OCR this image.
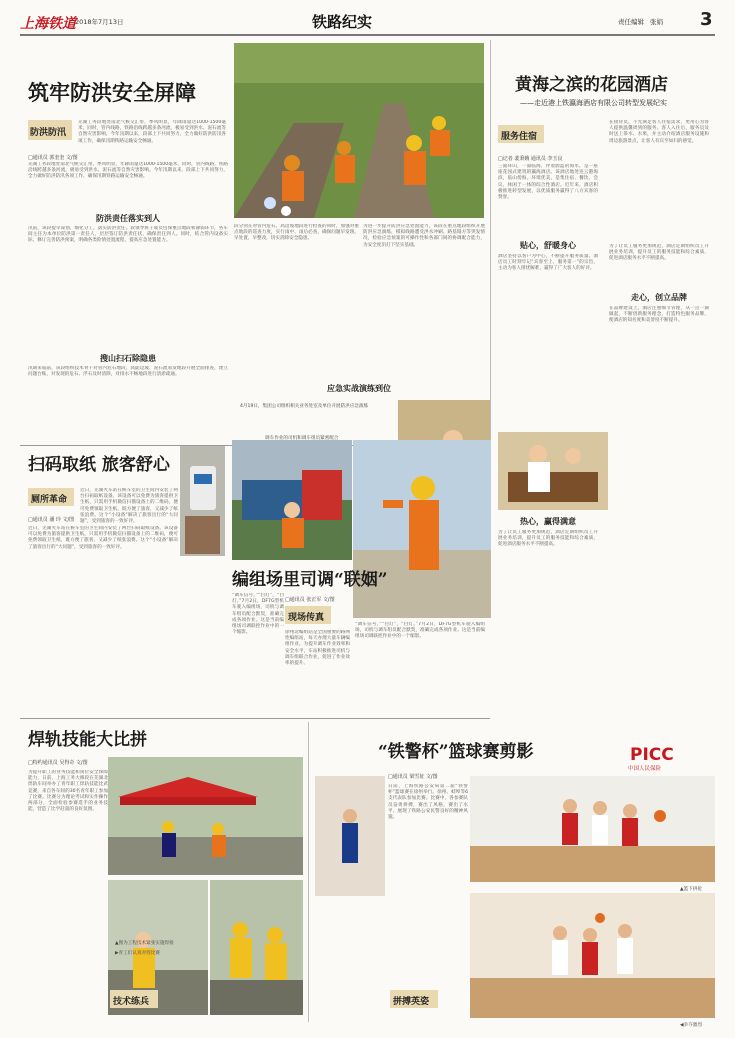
上海铁道 2018年7月13日	铁路纪实	责任编辑 张娟 3
筑牢防洪安全屏障
防洪防汛
□通讯员 郭奎奎 文/图
芜湖工务段地处南北气候交汇带，季风明显，年降雨量达1000-1500毫米，同时，管内线路，铁路沿线跨越多条河流，极易受到洪水、泥石流等自然灾害影响。今年汛期以来，段部上下共同努力，全力做好防洪防汛各项工作，确保汛期铁路运输安全畅通。
芜湖工务段地处南北气候交汇带，季风明显，年降雨量达1000-1500毫米，同时，管内线路，铁路沿线跨越多条河流，极易受到洪水、泥石流等自然灾害影响。今年汛期以来，段部上下共同努力，全力做好防洪防汛各项工作，确保汛期铁路运输安全畅通。
防洪责任落实到人
汛前，该段提早谋划，细化分工，落实防洪责任。段领导班子成员包保重点地段和薄弱环节，各车间主任为本单位防洪第一责任人，层层签订防洪责任状，确保责任到人。同时，结合管内设备实际，修订完善防洪预案，明确各类险情处置流程，提高应急处置能力。
搜山扫石除隐患
汛期来临前，该段组织技术骨干对管内危石地段、高陡边坡、泥石流易发地段开展全面排查，建立问题台账，对发现的危石、浮石及时清除，对排水不畅地段进行清淤疏通。
段分别在对管内危石、高边坡地段进行检查的同时，加强对重点地段的巡查力度，实行雨中、雨后必查，确保问题早发现、早处置、早整改，切实消除安全隐患。
为进一步提升防洪应急处置能力，该段在重点地段组织开展防洪应急演练，模拟线路遭受洪水冲刷、路基塌方等突发情况，检验应急预案的可操作性和各部门间的协调配合能力，为安全度汛打下坚实基础。
应急实战演练到位
4月19日，集团公司组织相关业务处室及单位开展防洪应急演练
黄海之滨的花园酒店
——走近港上铁瀛海酒店有限公司转型发展纪实
服务住宿
□记者 裴秉娥 通讯员 李玉良
三面环山，一面临海，伴着蔚蓝的海水，是一座座花园式建筑的瀛海酒店。该酒店地处连云港海滨，依山傍海，环境优美，是集住宿、餐饮、会议、休闲于一体的综合性酒店。近年来，酒店积极推进转型发展，以优质服务赢得了八方宾客的赞誉。
在接待员，不光满足客人住宿需求，更用心为客人提供温馨周到的服务。客人入住后，服务员及时送上茶水、水果，并主动介绍酒店服务设施和周边旅游景点，让客人有宾至如归的感觉。
贴心，舒暖身心
酒店坚持以客户为中心，不断提升服务质量。酒店员工时刻牢记“宾客至上、服务第一”的宗旨，主动为客人排忧解难，赢得了广大客人的好评。
为了让员工服务更加规范，酒店定期组织员工开展业务培训，提升员工的服务技能和综合素质，促进酒店服务水平不断提高。
走心，创立品牌
在品牌建设上，酒店注重细节管理，从一点一滴做起，不断创新服务理念，打造特色服务品牌，使酒店的知名度和美誉度不断提升。
热心，赢得满意
为了让员工服务更加规范，酒店定期组织员工开展业务培训，提升员工的服务技能和综合素质，促进酒店服务水平不断提高。
扫码取纸 旅客舒心
厕所革命
□通讯员 潘 玲 文/图
近日，芜湖火车站在候车室的卫生间内安装了两台扫码取纸设备。该设备可以免费为旅客提供卫生纸，只需用手机微信扫描设备上的二维码，便可免费领取卫生纸，既方便了旅客，又减少了纸张浪费。这个“小设备”解决了旅客出行的“大问题”，受到旅客的一致好评。
近日，芜湖火车站在候车室的卫生间内安装了两台扫码取纸设备。该设备可以免费为旅客提供卫生纸，只需用手机微信扫描设备上的二维码，便可免费领取卫生纸，既方便了旅客，又减少了纸张浪费。这个“小设备”解决了旅客出行的“大问题”，受到旅客的一致好评。
调车作业的司机和调车组员紧密配合
编组场里司调“联姻”
“调车信号，”“白灯”，“白灯。”7月2日，DF7G型机车驶入编组场，司机与调车组员配合默契，准确完成各项作业。这是当前编组场司调联控作业中的一个缩影。
现场传真
□通讯员 张正军 文/图
徐州北编组站是全国重要的路网性编组站，每天办理大量车辆编组作业。为提升调车作业效率和安全水平，车站积极推进司机与调车组联合作业，促进了作业效率的提升。
“调车信号，”“白灯”，“白灯。”7月2日，DF7G型机车驶入编组场，司机与调车组员配合默契，准确完成各项作业。这是当前编组场司调联控作业中的一个缩影。
焊轨技能大比拼
□特约通讯员 吴得奇 文/图
为提升职工的业务技能和岗位安全保障能力，日前，上海工务大修段在芜湖北焊轨车间举办了青年职工焊轨技能比武竞赛，来自各车间的30名青年职工参加了比赛。比赛分为理论考试和实作操作两部分，全面检验参赛选手的业务技能，营造了比学赶超的良好氛围。
▲图为工程技术紧张实施焊接
▶青工们认真对待比赛
技术练兵
“铁警杯”篮球赛剪影
□通讯员 梁雪征 文/图
日前，上海铁路公安局第二届“铁警杯”篮球赛在徐州举行。徐州、蚌埠等6支代表队参加比赛。比赛中，各参赛队员奋勇拼搏，赛出了风格，赛出了水平，展现了铁路公安民警良好的精神风貌。
PICC
中国人民保险
▲篮下拼抢
◀争夺激烈
拼搏英姿
